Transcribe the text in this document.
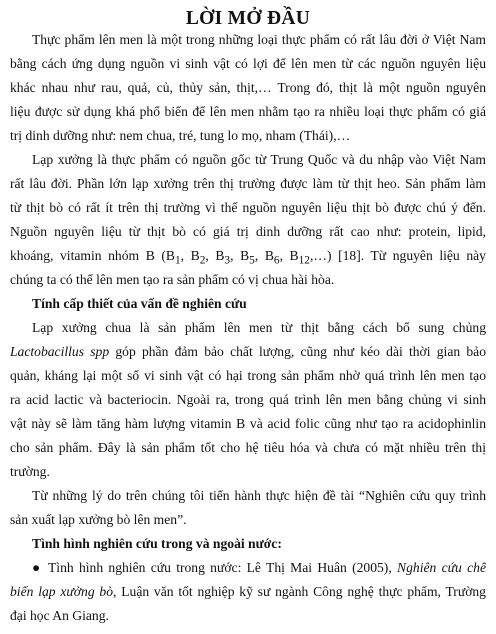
LỜI MỞ ĐẦU
Thực phẩm lên men là một trong những loại thực phẩm có rất lâu đời ở Việt Nam
bằng cách ứng dụng nguồn vi sinh vật có lợi để lên men từ các nguồn nguyên liệu
khác nhau như rau, quả, củ, thủy sản, thịt,… Trong đó, thịt là một nguồn nguyên
liệu được sử dụng khá phổ biến để lên men nhằm tạo ra nhiều loại thực phẩm có giá
trị dinh dưỡng như: nem chua, tré, tung lo mọ, nham (Thái),…
Lạp xưởng là thực phẩm có nguồn gốc từ Trung Quốc và du nhập vào Việt Nam
rất lâu đời. Phần lớn lạp xưởng trên thị trường được làm từ thịt heo. Sản phẩm làm
từ thịt bò có rất ít trên thị trường vì thế nguồn nguyên liệu thịt bò được chú ý đến.
Nguồn nguyên liệu từ thịt bò có giá trị dinh dưỡng rất cao như: protein, lipid,
khoáng, vitamin nhóm B ($B_1$, $B_2$, $B_3$, $B_5$, $B_6$, $B_{12},\dots$) [18]. Từ nguyên liệu này
chúng ta có thể lên men tạo ra sản phẩm có vị chua hài hòa.
Tính cấp thiết của vấn đề nghiên cứu
Lạp xưởng chua là sản phẩm lên men từ thịt bằng cách bổ sung chủng
Lactobacillus spp góp phần đảm bảo chất lượng, cũng như kéo dài thời gian bảo
quản, kháng lại một số vi sinh vật có hại trong sản phẩm nhờ quá trình lên men tạo
ra acid lactic và bacteriocin. Ngoài ra, trong quá trình lên men bằng chủng vi sinh
vật này sẽ làm tăng hàm lượng vitamin B và acid folic cũng như tạo ra acidophinlin
cho sản phẩm. Đây là sản phẩm tốt cho hệ tiêu hóa và chưa có mặt nhiều trên thị
trường.
Từ những lý do trên chúng tôi tiến hành thực hiện đề tài “Nghiên cứu quy trình
sản xuất lạp xưởng bò lên men”.
Tình hình nghiên cứu trong và ngoài nước:
● Tình hình nghiên cứu trong nước: Lê Thị Mai Huân (2005), Nghiên cứu chế
biến lạp xưởng bò, Luận văn tốt nghiệp kỹ sư ngành Công nghệ thực phẩm, Trường
đại học An Giang.
